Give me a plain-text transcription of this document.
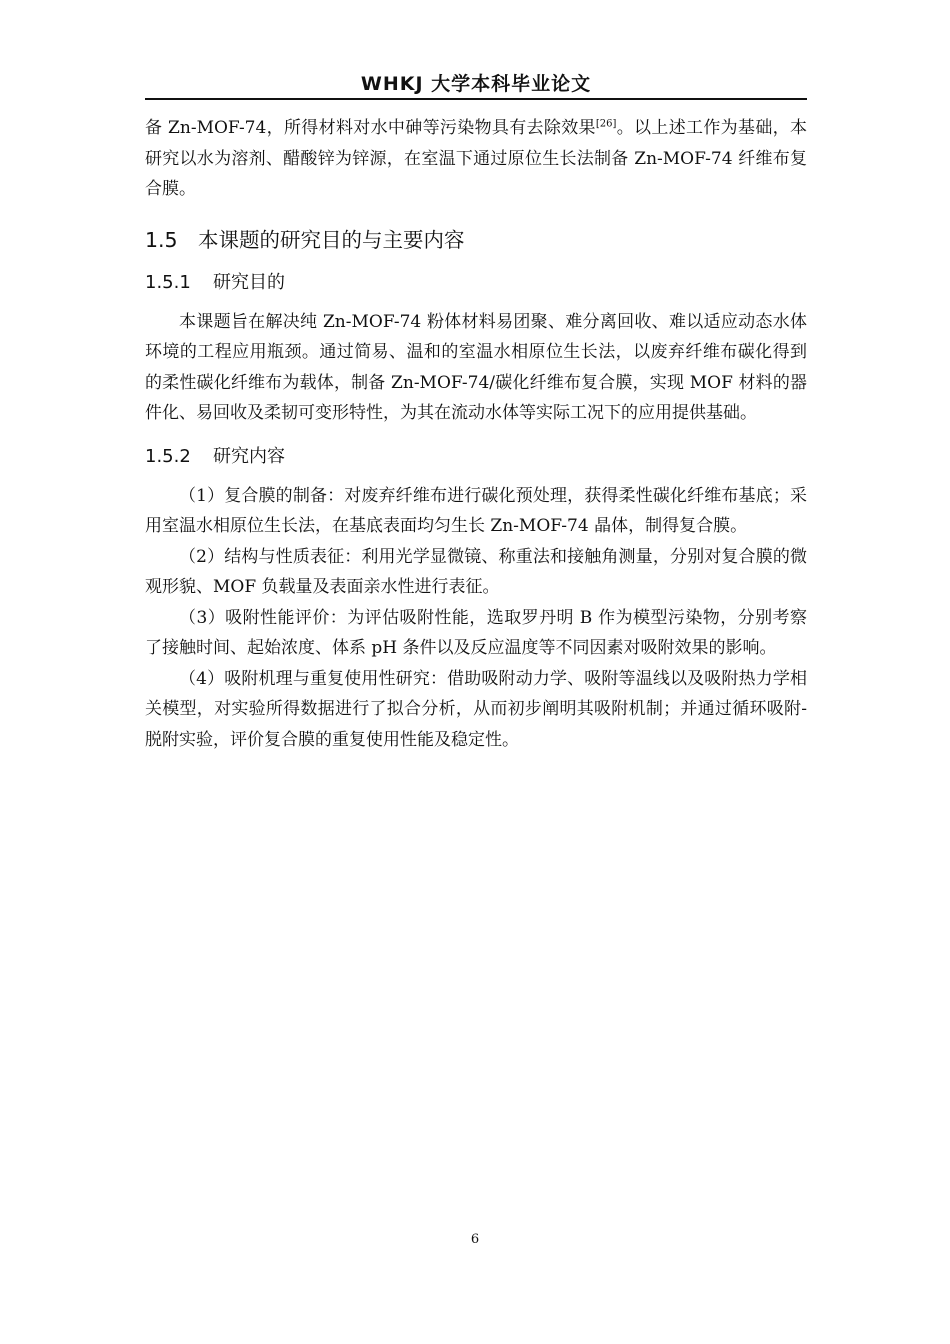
WHKJ 大学本科毕业论文

备 Zn-MOF-74，所得材料对水中砷等污染物具有去除效果[26]。以上述工作为基础，本研究以水为溶剂、醋酸锌为锌源，在室温下通过原位生长法制备 Zn-MOF-74 纤维布复合膜。

1.5 本课题的研究目的与主要内容
1.5.1 研究目的

本课题旨在解决纯 Zn-MOF-74 粉体材料易团聚、难分离回收、难以适应动态水体环境的工程应用瓶颈。通过简易、温和的室温水相原位生长法，以废弃纤维布碳化得到的柔性碳化纤维布为载体，制备 Zn-MOF-74/碳化纤维布复合膜，实现 MOF 材料的器件化、易回收及柔韧可变形特性，为其在流动水体等实际工况下的应用提供基础。

1.5.2 研究内容

（1）复合膜的制备：对废弃纤维布进行碳化预处理，获得柔性碳化纤维布基底；采用室温水相原位生长法，在基底表面均匀生长 Zn-MOF-74 晶体，制得复合膜。

（2）结构与性质表征：利用光学显微镜、称重法和接触角测量，分别对复合膜的微观形貌、MOF 负载量及表面亲水性进行表征。

（3）吸附性能评价：为评估吸附性能，选取罗丹明 B 作为模型污染物，分别考察了接触时间、起始浓度、体系 pH 条件以及反应温度等不同因素对吸附效果的影响。

（4）吸附机理与重复使用性研究：借助吸附动力学、吸附等温线以及吸附热力学相关模型，对实验所得数据进行了拟合分析，从而初步阐明其吸附机制；并通过循环吸附-脱附实验，评价复合膜的重复使用性能及稳定性。

6
